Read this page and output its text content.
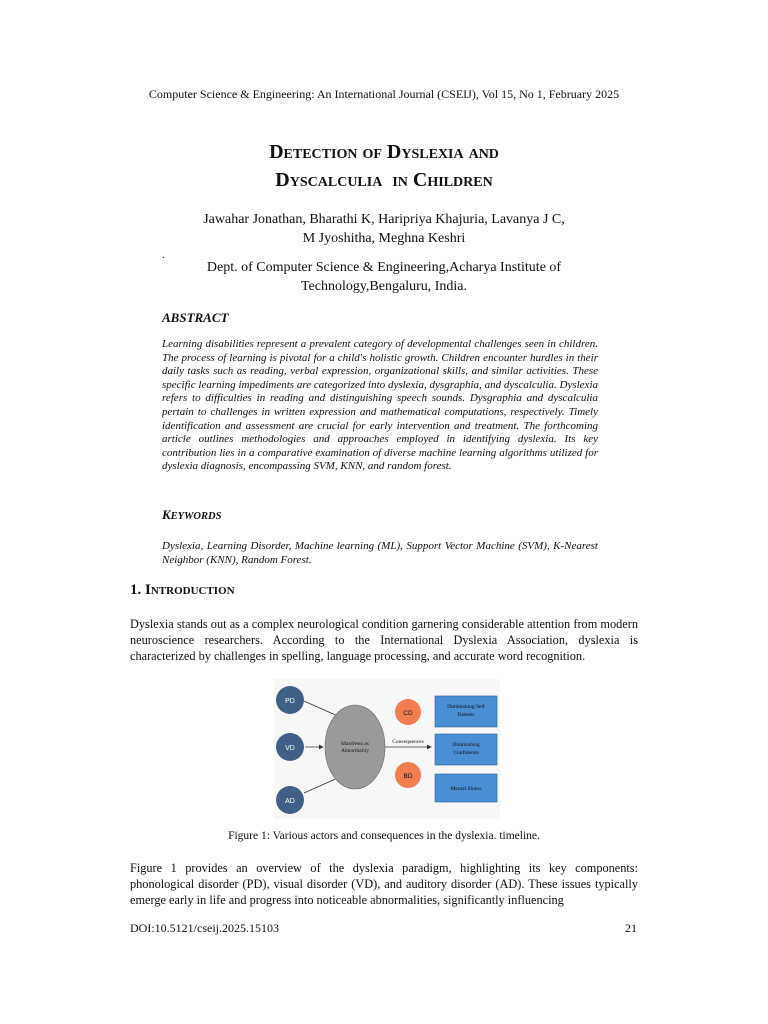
Computer Science & Engineering: An International Journal (CSEIJ), Vol 15, No 1, February 2025
Detection of Dyslexia and
Dyscalculia  in Children
Jawahar Jonathan, Bharathi K, Haripriya Khajuria, Lavanya J C,
M Jyoshitha, Meghna Keshri
.
Dept. of Computer Science & Engineering,Acharya Institute of
Technology,Bengaluru, India.
ABSTRACT

Learning disabilities represent a prevalent category of developmental challenges seen in children. The process of learning is pivotal for a child's holistic growth. Children encounter hurdles in their daily tasks such as reading, verbal expression, organizational skills, and similar activities. These specific learning impediments are categorized into dyslexia, dysgraphia, and dyscalculia. Dyslexia refers to difficulties in reading and distinguishing speech sounds. Dysgraphia and dyscalculia pertain to challenges in written expression and mathematical computations, respectively. Timely identification and assessment are crucial for early intervention and treatment. The forthcoming article outlines methodologies and approaches employed in identifying dyslexia. Its key contribution lies in a comparative examination of diverse machine learning algorithms utilized for dyslexia diagnosis, encompassing SVM, KNN, and random forest.

KEYWORDS

Dyslexia, Learning Disorder, Machine learning (ML), Support Vector Machine (SVM), K-Nearest Neighbor (KNN), Random Forest.

1. Introduction

Dyslexia stands out as a complex neurological condition garnering considerable attention from modern neuroscience researchers. According to the International Dyslexia Association, dyslexia is characterized by challenges in spelling, language processing, and accurate word recognition.

PD
VD
AD
Manifests as
Abnormality
Consequences
CD
BD
Diminishing Self
Esteem
Diminishing
Confidence
Mental illness
Figure 1: Various actors and consequences in the dyslexia. timeline.

Figure 1 provides an overview of the dyslexia paradigm, highlighting its key components: phonological disorder (PD), visual disorder (VD), and auditory disorder (AD). These issues typically emerge early in life and progress into noticeable abnormalities, significantly influencing

DOI:10.5121/cseij.2025.15103	21
